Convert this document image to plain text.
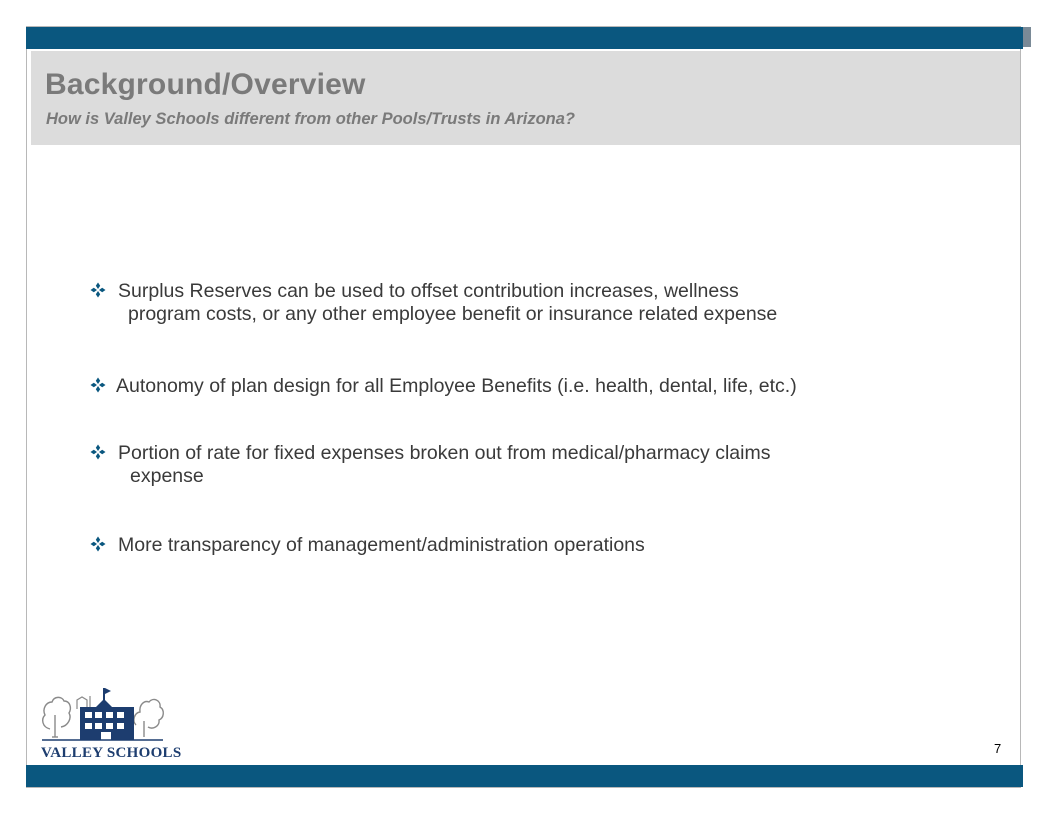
Background/Overview
How is Valley Schools different from other Pools/Trusts in Arizona?
Surplus Reserves can be used to offset contribution increases, wellness
program costs, or any other employee benefit or insurance related expense
Autonomy of plan design for all Employee Benefits (i.e. health, dental, life, etc.)
Portion of rate for fixed expenses broken out from medical/pharmacy claims
expense
More transparency of management/administration operations
VALLEY SCHOOLS	7
